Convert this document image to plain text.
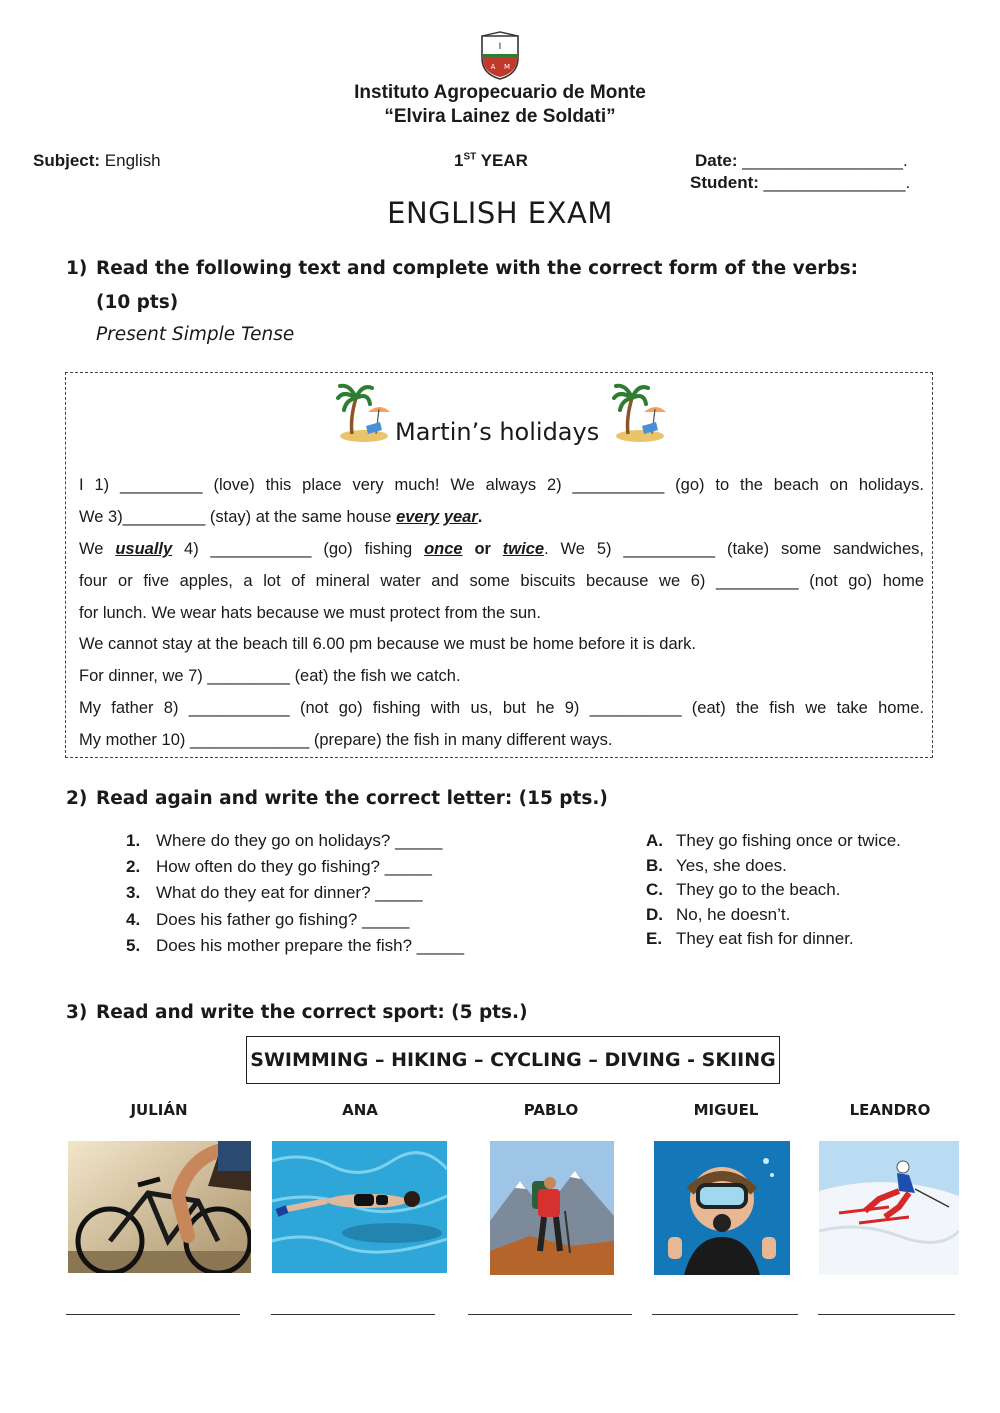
I
A M
Instituto Agropecuario de Monte
“Elvira Lainez de Soldati”
Subject: English	1ST YEAR	Date: _________________.
Student: _______________.
ENGLISH EXAM
1) Read the following text and complete with the correct form of the verbs:
(10 pts)
Present Simple Tense
Martin’s holidays
I 1) _________ (love) this place very much! We always 2) __________ (go) to the beach on holidays.
We 3)_________ (stay) at the same house every year.
We usually 4) ___________ (go) fishing once or twice. We 5) __________ (take) some sandwiches,
four or five apples, a lot of mineral water and some biscuits because we 6) _________ (not go) home
for lunch. We wear hats because we must protect from the sun.
We cannot stay at the beach till 6.00 pm because we must be home before it is dark.
For dinner, we 7) _________ (eat) the fish we catch.
My father 8) ___________ (not go) fishing with us, but he 9) __________ (eat) the fish we take home.
My mother 10) _____________ (prepare) the fish in many different ways.
2) Read again and write the correct letter: (15 pts.)
1. Where do they go on holidays? _____
2. How often do they go fishing? _____
3. What do they eat for dinner? _____
4. Does his father go fishing? _____
5. Does his mother prepare the fish? _____
A. They go fishing once or twice.
B. Yes, she does.
C. They go to the beach.
D. No, he doesn’t.
E. They eat fish for dinner.
3) Read and write the correct sport: (5 pts.)
SWIMMING – HIKING – CYCLING – DIVING - SKIING
JULIÁN	ANA	PABLO	MIGUEL	LEANDRO
